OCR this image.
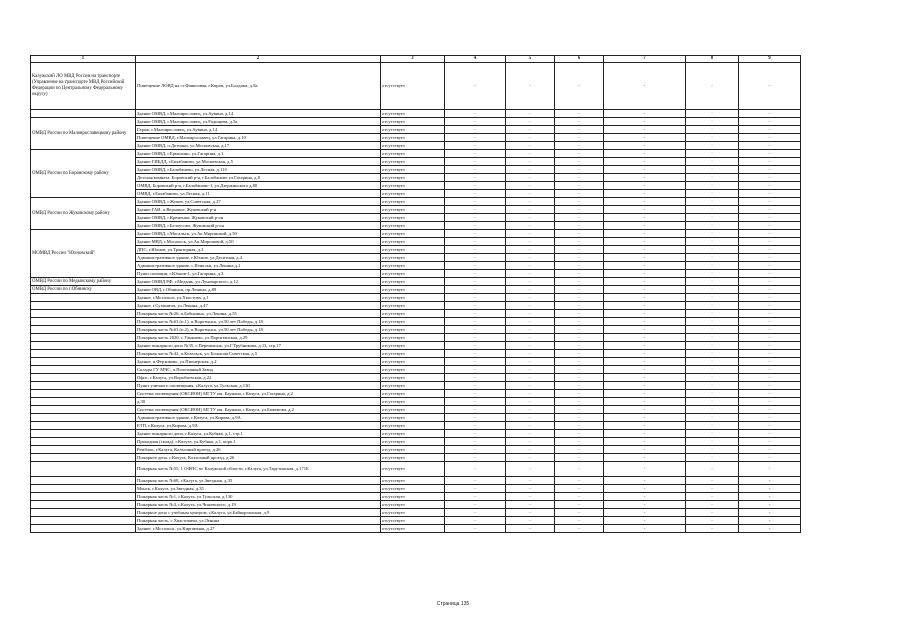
1	2	3	4	5	6	7	8	9
Калужский ЛО МВД России на транспорте (Управление на транспорте МВД Российской Федерации по Центральному Федеральному округу)	Помещение ЛОВД на ст.Фаянсовая, г.Киров, ул.Болдина, д.8а	отсутствует	-	-	-	-	-	-
	Здание ОМВД, г.Малоярославец, ул.Аувина, д.14	отсутствует	-	-	-	-	-	-
ОМВД России по Малоярославецкому району	Здание ОМВД, г.Малоярославец, ул.Радищева, д.5а	отсутствует	-	-	-	-	-	-
	Гараж, г.Малоярославец, ул.Аувина, д.14	отсутствует	-	-	-	-	-	-
	Помещение ОМВД, г.Малоярославец, ул.Гагарина, д.10	отсутствует	-	-	-	-	-	-
	Здание ОМВД, п.Детчино, ул.Московская, д.17	отсутствует	-	-	-	-	-	-
ОМВД России по Боровскому району	Здание ОМВД, г.Ермолино, ул.Гагарина, д.1	отсутствует	-	-	-	-	-	-
	Здание ГИБДД, г.Балабаново, ул.Московская, д.5	отсутствует	-	-	-	-	-	-
	Здание ОМВД, г.Балабаново, ул.Лесная, д.11б	отсутствует	-	-	-	-	-	-
	Детская комната, Боровский р-н, г.Балабаново ул.Гагарина, д.8	отсутствует	-	-	-	-	-	-
	ОМВД, Боровский р-н, г.Балабаново-1, ул.Дзержинского д.80	отсутствует	-	-	-	-	-	-
	ОМВД, г.Балабаново, ул.Лесная, д.11	отсутствует	-	-	-	-	-	-
ОМВД России по Жуковскому району	Здание ОМВД, г.Жуков, ул.Советская, д.27	отсутствует	-	-	-	-	-	-
	Здание ГАИ, п.Верховье, Жуковский р-н	отсутствует	-	-	-	-	-	-
	Здание ОМВД, г.Кременки, Жуковский р-он	отсутствует	-	-	-	-	-	-
	Здание ОМВД, г.Белоусово, Жуковский р-он	отсутствует	-	-	-	-	-	-
МОМВД России "Юхновский"	Здание ОМВД, г.Мосальск, ул.Ак.Мироновой, д.50	отсутствует	-	-	-	-	-	-
	Здание МВД, г.Мосальск, ул.Ак.Мироновой, д.50	отсутствует	-	-	-	-	-	-
	ДПС, г.Юхнов, ул.Тракторная, д.3	отсутствует	-	-	-	-	-	-
	Административное здание, г.Юхнов, ул.Деситная, д.4	отсутствует	-	-	-	-	-	-
	Административное здание, с.Износки, ул.Ленина д.1	отсутствует	-	-	-	-	-	-
	Пункт полиции, г.Юхнов-1, ул.Гагарина, д.3	отсутствует	-	-	-	-	-	-
ОМВД России по Медынскому району	Здание ОМВД РФ, г.Медынь, ул.Луначарского, д.12	отсутствует	-	-	-	-	-	-
ОМВД России по г.Обнинску	Здание ОВД, г.Обнинск, пр.Ленина, д.89	отсутствует	-	-	-	-	-	-
	Здание, г.Мосальск, ул.Хвостова, д.1	отсутствует	-	-	-	-	-	-
	Здание, г.Сухиничи, ул.Ленина, д.47	отсутствует	-	-	-	-	-	-
	Пожарная часть №26, п.Бабынино, ул.Ленина, д.55	отсутствует	-	-	-	-	-	-
	Пожарная часть №63 (п.1), п.Воротынск, ул.50 лет Победы, д.18	отсутствует	-	-	-	-	-	-
	Пожарная часть №63 (п.2), п.Воротынск, ул.50 лет Победы, д.18	отсутствует	-	-	-	-	-	-
	Пожарная часть 2020, с.Ульяново, ул.Партизанская, д.29	отсутствует	-	-	-	-	-	-
	Здание пожарного депо №35, с.Перемышль, ул.Г.Трубникова, д.13, стр.17	отсутствует	-	-	-	-	-	-
	Пожарная часть №42, п.Козельск, ул. Большая Советская, д.5	отсутствует	-	-	-	-	-	-
	Здание, п.Ферзиково, ул.Пионерская, д.2	отсутствует	-	-	-	-	-	-
	Склады ГУ МЧС, п.Полотняный Завод	отсутствует	-	-	-	-	-	-
	Офис, г.Калуга, ул.Воробьевская, д.22	отсутствует	-	-	-	-	-	-
	Пункт уличного оповещения, г.Калуга, ул.Тульская, д.130	отсутствует	-	-	-	-	-	-
	Система оповещения (ОКСИОН) МГТУ им. Баумана, г.Калуга, ул.Гагарина, д.2	отсутствует	-	-	-	-	-	-
	д.39	отсутствует	-	-	-	-	-	-
	Система оповещения (ОКСИОН) МГТУ им. Баумана, г.Калуга, ул.Баженова, д.2	отсутствует	-	-	-	-	-	-
	Административное здание, г.Калуга, ул.Кирова, д.9А	отсутствует	-	-	-	-	-	-
	ЕТП, г.Калуга, ул.Кирова, д.9А	отсутствует	-	-	-	-	-	-
	Здание пожарного депо, г.Калуга, ул.Кубяка, д.1, стр.1	отсутствует	-	-	-	-	-	-
	Проходная (склад), г.Калуга, ул.Кубяка, д.1, корп.1	отсутствует	-	-	-	-	-	-
	Ремблок, г.Калуга, Колхозный проезд, д.26	отсутствует	-	-	-	-	-	-
	Пожарное депо, г.Калуга, Колхозный проезд, д.26	отсутствует	-	-	-	-	-	-
	Пожарная часть №55, 1 ОФПС по Калужской области, г.Калуга, ул.Тарутинская, д.171Б	отсутствует	-	-	-	-	-	-
	Пожарная часть №68, г.Калуга, ул.Звездная, д.35	отсутствует	-	-	-	-	-	-
	Монск, г.Калуга, ул.Звездная, д.35	отсутствует	-	-	-	-	-	-
	Пожарная часть №1, г.Калуга, ул.Тульская, д.130	отсутствует	-	-	-	-	-	-
	Пожарная часть №3, г.Калуга, ул.Чижевского, д.19	отсутствует	-	-	-	-	-	-
	Пожарное депо с учебным центром, г.Калуга, ул.Байкорганская, д.9	отсутствует	-	-	-	-	-	-
	Пожарная часть, с.Хвастовичи, ул.Ленина	отсутствует	-	-	-	-	-	-
	Здание, г.Мосальск, ул.Кирпичная, д.27	отсутствует	-	-	-	-	-	-
Страница 135
